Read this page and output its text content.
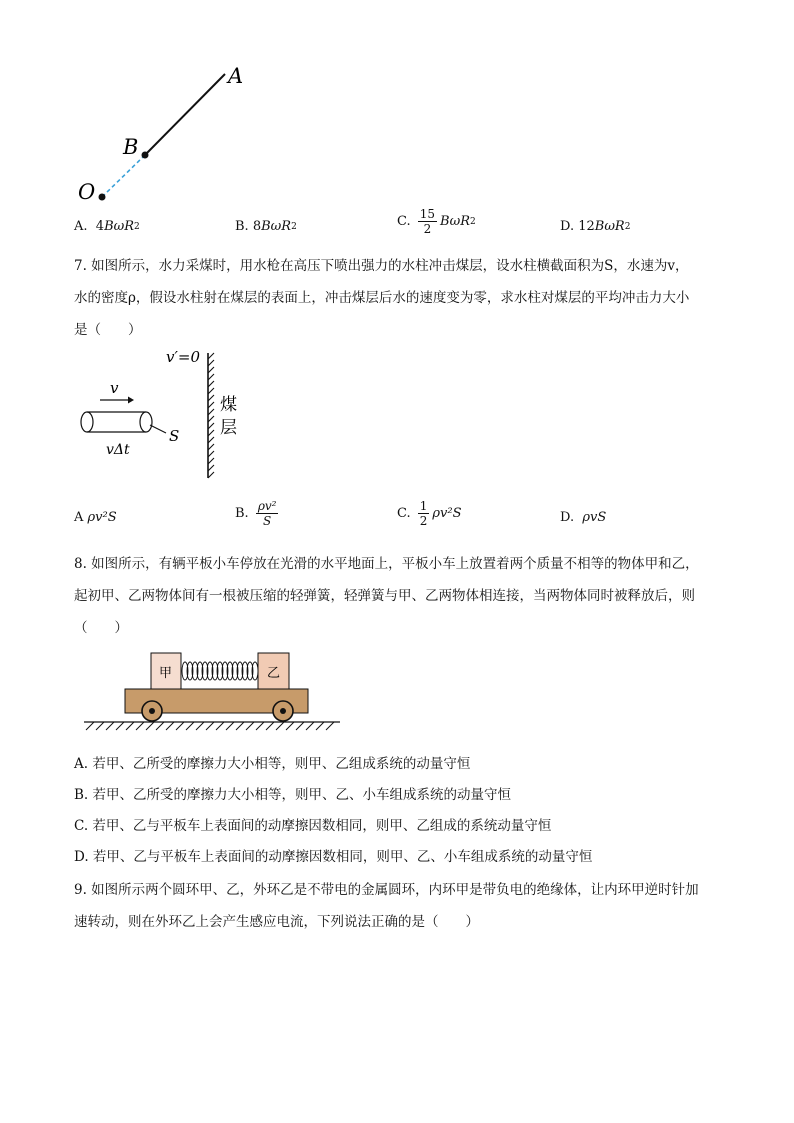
A
B
O
A.
4 BωR 2	B.
8 BωR 2	C.
$\frac{15}{2}$ BωR 2	D.
12 BωR 2
7. 如图所示，水力采煤时，用水枪在高压下喷出强力的水柱冲击煤层，设水柱横截面积为S，水速为v，
水的密度ρ，假设水柱射在煤层的表面上，冲击煤层后水的速度变为零，求水柱对煤层的平均冲击力大小
是（　　）
v′=0
煤
层
v
S
vΔt
A
ρv²S	B.
$\frac{\text{ρv²}}{S}$	C.
$\frac{1}{2} \rho v^2S$	D.
ρvS
8. 如图所示，有辆平板小车停放在光滑的水平地面上，平板小车上放置着两个质量不相等的物体甲和乙，
起初甲、乙两物体间有一根被压缩的轻弹簧，轻弹簧与甲、乙两物体相连接，当两物体同时被释放后，则
（　　）
甲	乙
A. 若甲、乙所受的摩擦力大小相等，则甲、乙组成系统的动量守恒
B. 若甲、乙所受的摩擦力大小相等，则甲、乙、小车组成系统的动量守恒
C. 若甲、乙与平板车上表面间的动摩擦因数相同，则甲、乙组成的系统动量守恒
D. 若甲、乙与平板车上表面间的动摩擦因数相同，则甲、乙、小车组成系统的动量守恒
9. 如图所示两个圆环甲、乙，外环乙是不带电的金属圆环，内环甲是带负电的绝缘体，让内环甲逆时针加
速转动，则在外环乙上会产生感应电流，下列说法正确的是（　　）
